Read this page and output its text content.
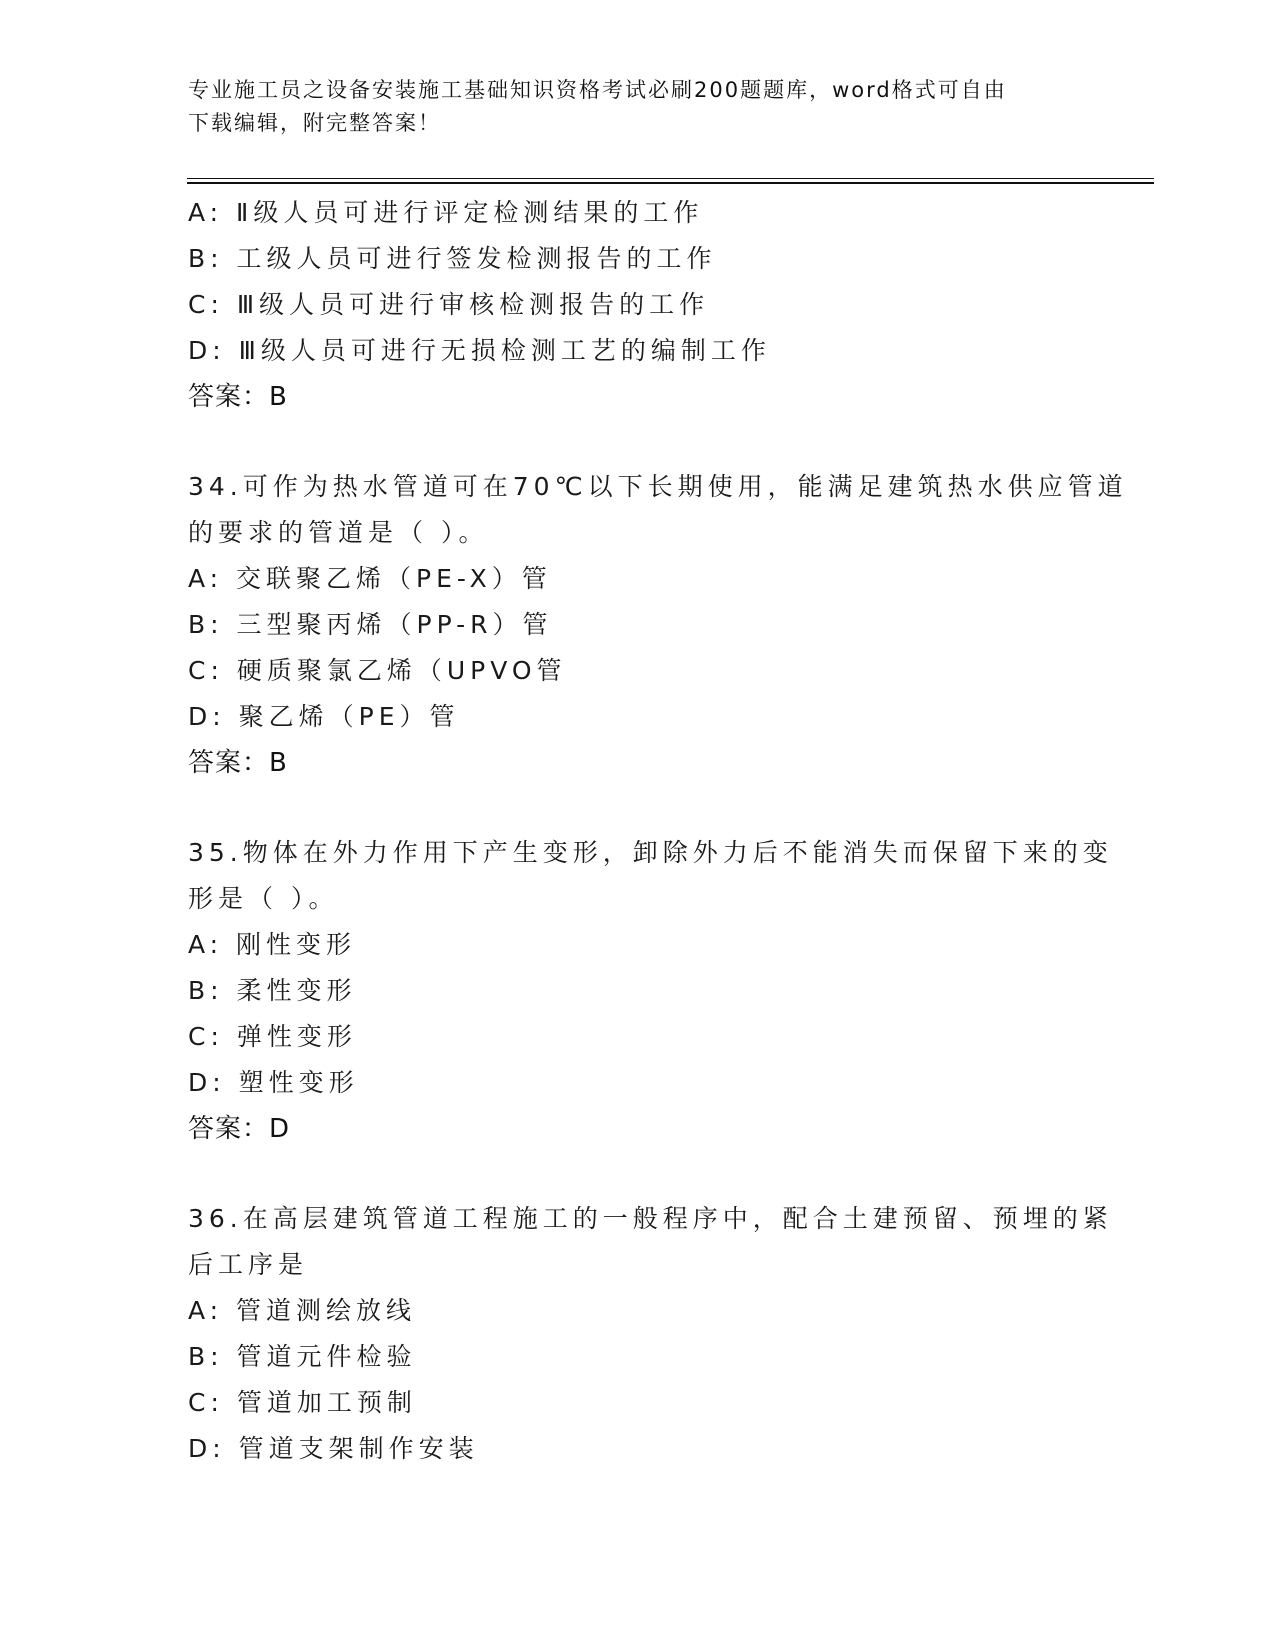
专业施工员之设备安装施工基础知识资格考试必刷200题题库，word格式可自由
下载编辑，附完整答案！
A: Ⅱ级人员可进行评定检测结果的工作
B: 工级人员可进行签发检测报告的工作
C: Ⅲ级人员可进行审核检测报告的工作
D: Ⅲ级人员可进行无损检测工艺的编制工作
答案：B
34.可作为热水管道可在70℃以下长期使用，能满足建筑热水供应管道
的要求的管道是（ ）。
A: 交联聚乙烯（PE-X）管
B: 三型聚丙烯（PP-R）管
C: 硬质聚氯乙烯（UPVO管
D: 聚乙烯（PE）管
答案：B
35.物体在外力作用下产生变形，卸除外力后不能消失而保留下来的变
形是（ ）。
A: 刚性变形
B: 柔性变形
C: 弹性变形
D: 塑性变形
答案：D
36.在高层建筑管道工程施工的一般程序中，配合土建预留、预埋的紧
后工序是
A: 管道测绘放线
B: 管道元件检验
C: 管道加工预制
D: 管道支架制作安装
